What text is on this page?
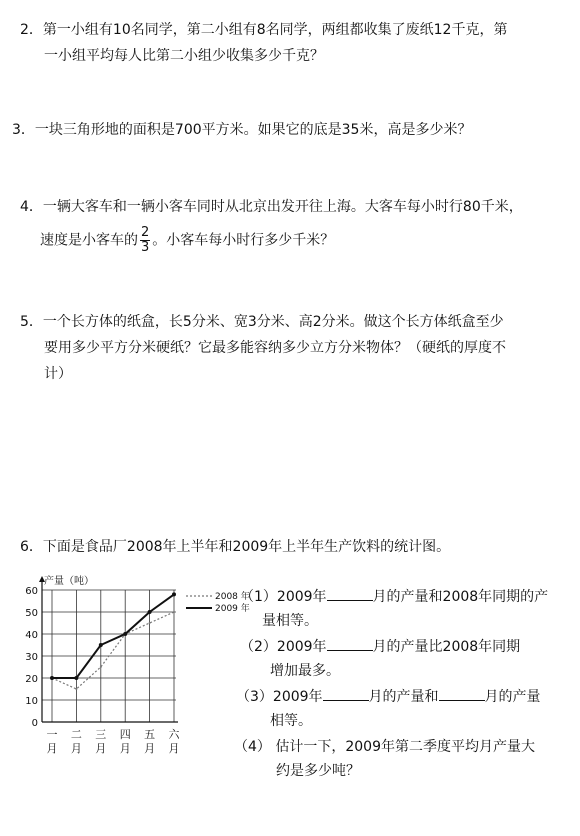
2．第一小组有10名同学，第二小组有8名同学，两组都收集了废纸12千克，第
一小组平均每人比第二小组少收集多少千克？
3．一块三角形地的面积是700平方米。如果它的底是35米，高是多少米？
4．一辆大客车和一辆小客车同时从北京出发开往上海。大客车每小时行80千米，
速度是小客车的 $\frac{2}{3}$ 。小客车每小时行多少千米？
5．一个长方体的纸盒，长5分米、宽3分米、高2分米。做这个长方体纸盒至少
要用多少平方分米硬纸？它最多能容纳多少立方分米物体？（硬纸的厚度不
计）
6．下面是食品厂2008年上半年和2009年上半年生产饮料的统计图。
0
10
20
30
40
50
60
产量（吨）
一
月
二
月
三
月
四
月
五
月
六
月
2008 年
2009 年
（1）2009年	月的产量和2008年同期的产
量相等。
（2）2009年	月的产量比2008年同期
增加最多。
（3）2009年	月的产量和	月的产量
相等。
（4） 估计一下，2009年第二季度平均月产量大
约是多少吨？
